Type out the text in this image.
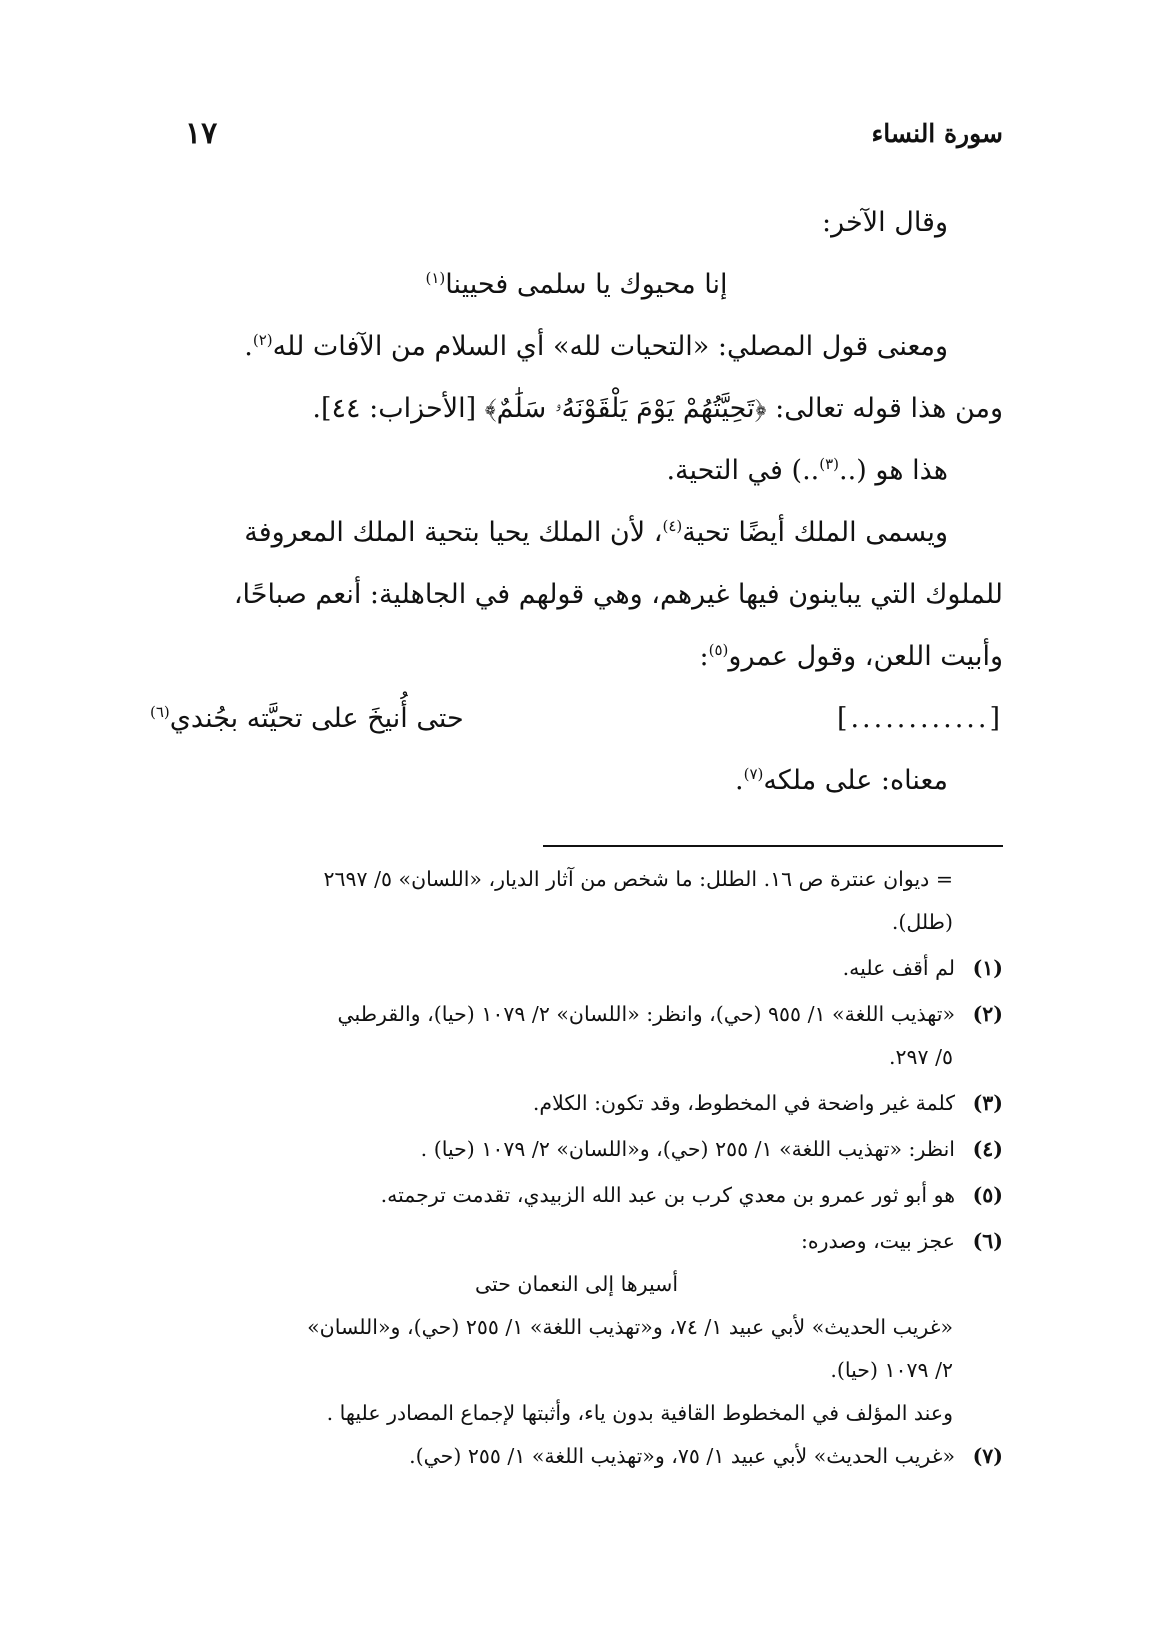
سورة النساء
١٧
وقال الآخر:
إنا محيوك يا سلمى فحيينا$^{(١)}$
ومعنى قول المصلي: «التحيات لله» أي السلام من الآفات لله$^{(٢)}$.
ومن هذا قوله تعالى: ﴿تَحِيَّتُهُمْ يَوْمَ يَلْقَوْنَهُۥ سَلَٰمٌ﴾ [الأحزاب: ٤٤].
هذا هو (..$^{(٣)}$..) في التحية.
ويسمى الملك أيضًا تحية$^{(٤)}$، لأن الملك يحيا بتحية الملك المعروفة
للملوك التي يباينون فيها غيرهم، وهي قولهم في الجاهلية: أنعم صباحًا،
وأبيت اللعن، وقول عمرو$^{(٥)}$:
[............]
حتى أُنيخَ على تحيَّته بجُندي$^{(٦)}$
معناه: على ملكه$^{(٧)}$.
= ديوان عنترة ص ١٦. الطلل: ما شخص من آثار الديار، «اللسان» ٥/ ٢٦٩٧
(طلل).
(١)لم أقف عليه.
(٢)«تهذيب اللغة» ١/ ٩٥٥ (حي)، وانظر: «اللسان» ٢/ ١٠٧٩ (حيا)، والقرطبي
٥/ ٢٩٧.
(٣)كلمة غير واضحة في المخطوط، وقد تكون: الكلام.
(٤)انظر: «تهذيب اللغة» ١/ ٢٥٥ (حي)، و«اللسان» ٢/ ١٠٧٩ (حيا) .
(٥)هو أبو ثور عمرو بن معدي كرب بن عبد الله الزبيدي، تقدمت ترجمته.
(٦)عجز بيت، وصدره:
أسيرها إلى النعمان حتى
«غريب الحديث» لأبي عبيد ١/ ٧٤، و«تهذيب اللغة» ١/ ٢٥٥ (حي)، و«اللسان»
٢/ ١٠٧٩ (حيا).
وعند المؤلف في المخطوط القافية بدون ياء، وأثبتها لإجماع المصادر عليها .
(٧)«غريب الحديث» لأبي عبيد ١/ ٧٥، و«تهذيب اللغة» ١/ ٢٥٥ (حي).
